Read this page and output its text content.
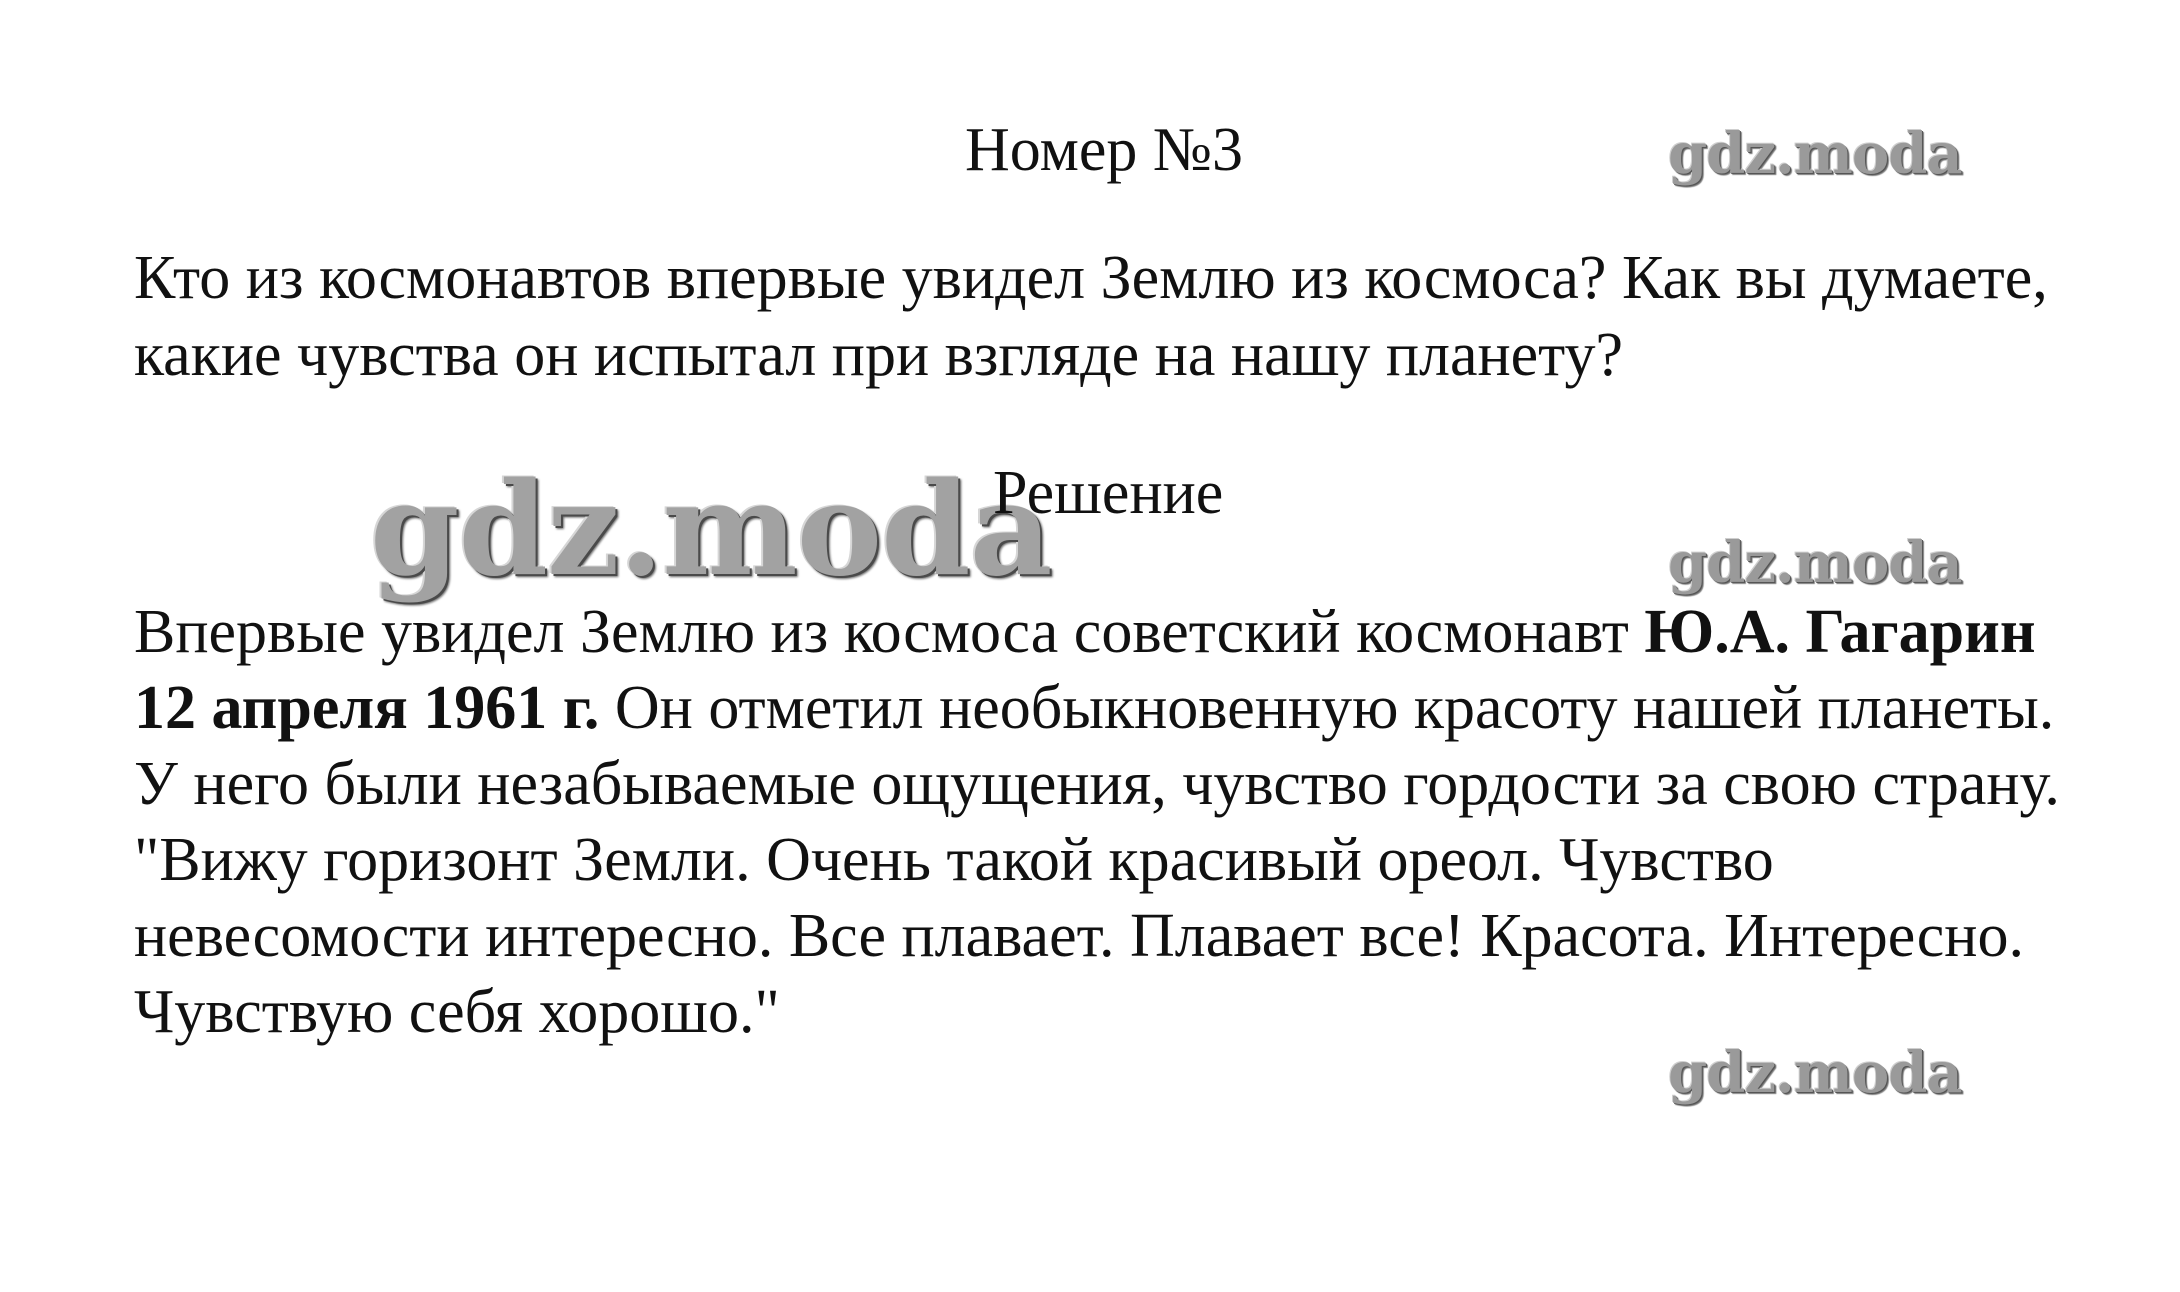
Номер №3	gdz.moda
Кто из космонавтов впервые увидел Землю из космоса? Как вы думаете, какие чувства он испытал при взгляде на нашу планету?
gdz.moda
Решение
gdz.moda

Впервые увидел Землю из космоса советский космонавт Ю.А. Гагарин 12 апреля 1961 г. Он отметил необыкновенную красоту нашей планеты.

У него были незабываемые ощущения, чувство гордости за свою страну. "Вижу горизонт Земли. Очень такой красивый ореол. Чувство невесомости интересно. Все плавает. Плавает все! Красота. Интересно. Чувствую себя хорошо."

gdz.moda
